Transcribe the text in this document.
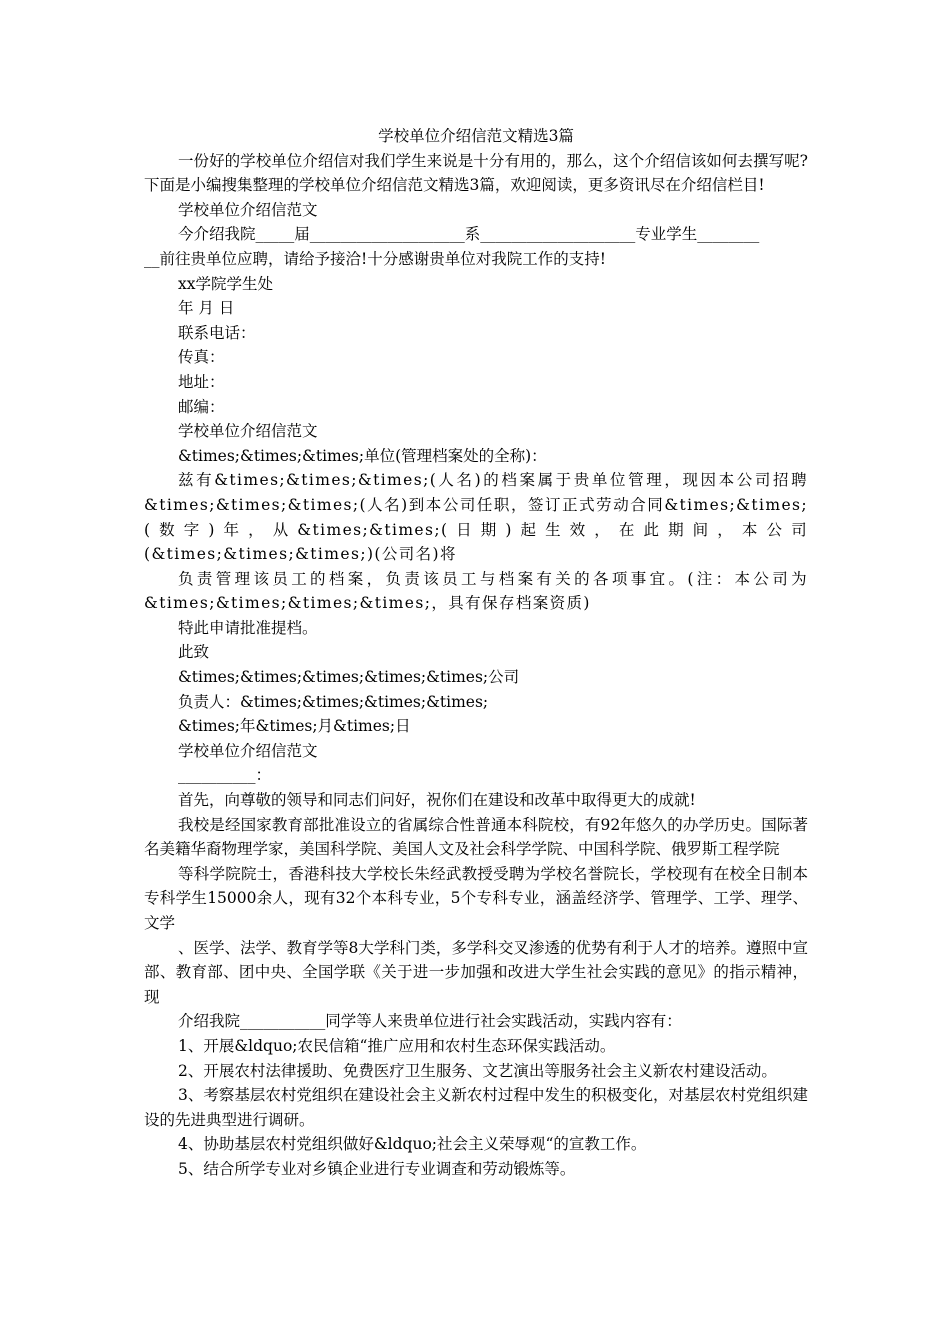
学校单位介绍信范文精选3篇

一份好的学校单位介绍信对我们学生来说是十分有用的，那么，这个介绍信该如何去撰写呢?下面是小编搜集整理的学校单位介绍信范文精选3篇，欢迎阅读，更多资讯尽在介绍信栏目!

学校单位介绍信范文

今介绍我院_____届____________________系____________________专业学生________

__前往贵单位应聘，请给予接洽!十分感谢贵单位对我院工作的支持!

xx学院学生处

年 月 日

联系电话：

传真：

地址：

邮编：

学校单位介绍信范文

&times;&times;&times;单位(管理档案处的全称)：

兹有&times;&times;&times;(人名)的档案属于贵单位管理，现因本公司招聘&times;&times;&times;(人名)到本公司任职，签订正式劳动合同&times;&times;(数字)年，从&times;&times;(日期)起生效，在此期间，本公司(&times;&times;&times;)(公司名)将

负责管理该员工的档案，负责该员工与档案有关的各项事宜。(注：本公司为&times;&times;&times;&times;，具有保存档案资质)

特此申请批准提档。

此致

&times;&times;&times;&times;&times;公司

负责人：&times;&times;&times;&times;

&times;年&times;月&times;日

学校单位介绍信范文

__________：

首先，向尊敬的领导和同志们问好，祝你们在建设和改革中取得更大的成就!

我校是经国家教育部批准设立的省属综合性普通本科院校，有92年悠久的办学历史。国际著名美籍华裔物理学家，美国科学院、美国人文及社会科学学院、中国科学院、俄罗斯工程学院

等科学院院士，香港科技大学校长朱经武教授受聘为学校名誉院长，学校现有在校全日制本专科学生15000余人，现有32个本科专业，5个专科专业，涵盖经济学、管理学、工学、理学、文学

、医学、法学、教育学等8大学科门类，多学科交叉渗透的优势有利于人才的培养。遵照中宣部、教育部、团中央、全国学联《关于进一步加强和改进大学生社会实践的意见》的指示精神，现

介绍我院___________同学等人来贵单位进行社会实践活动，实践内容有：

1、开展&ldquo;农民信箱“推广应用和农村生态环保实践活动。

2、开展农村法律援助、免费医疗卫生服务、文艺演出等服务社会主义新农村建设活动。

3、考察基层农村党组织在建设社会主义新农村过程中发生的积极变化，对基层农村党组织建设的先进典型进行调研。

4、协助基层农村党组织做好&ldquo;社会主义荣辱观“的宣教工作。

5、结合所学专业对乡镇企业进行专业调查和劳动锻炼等。
